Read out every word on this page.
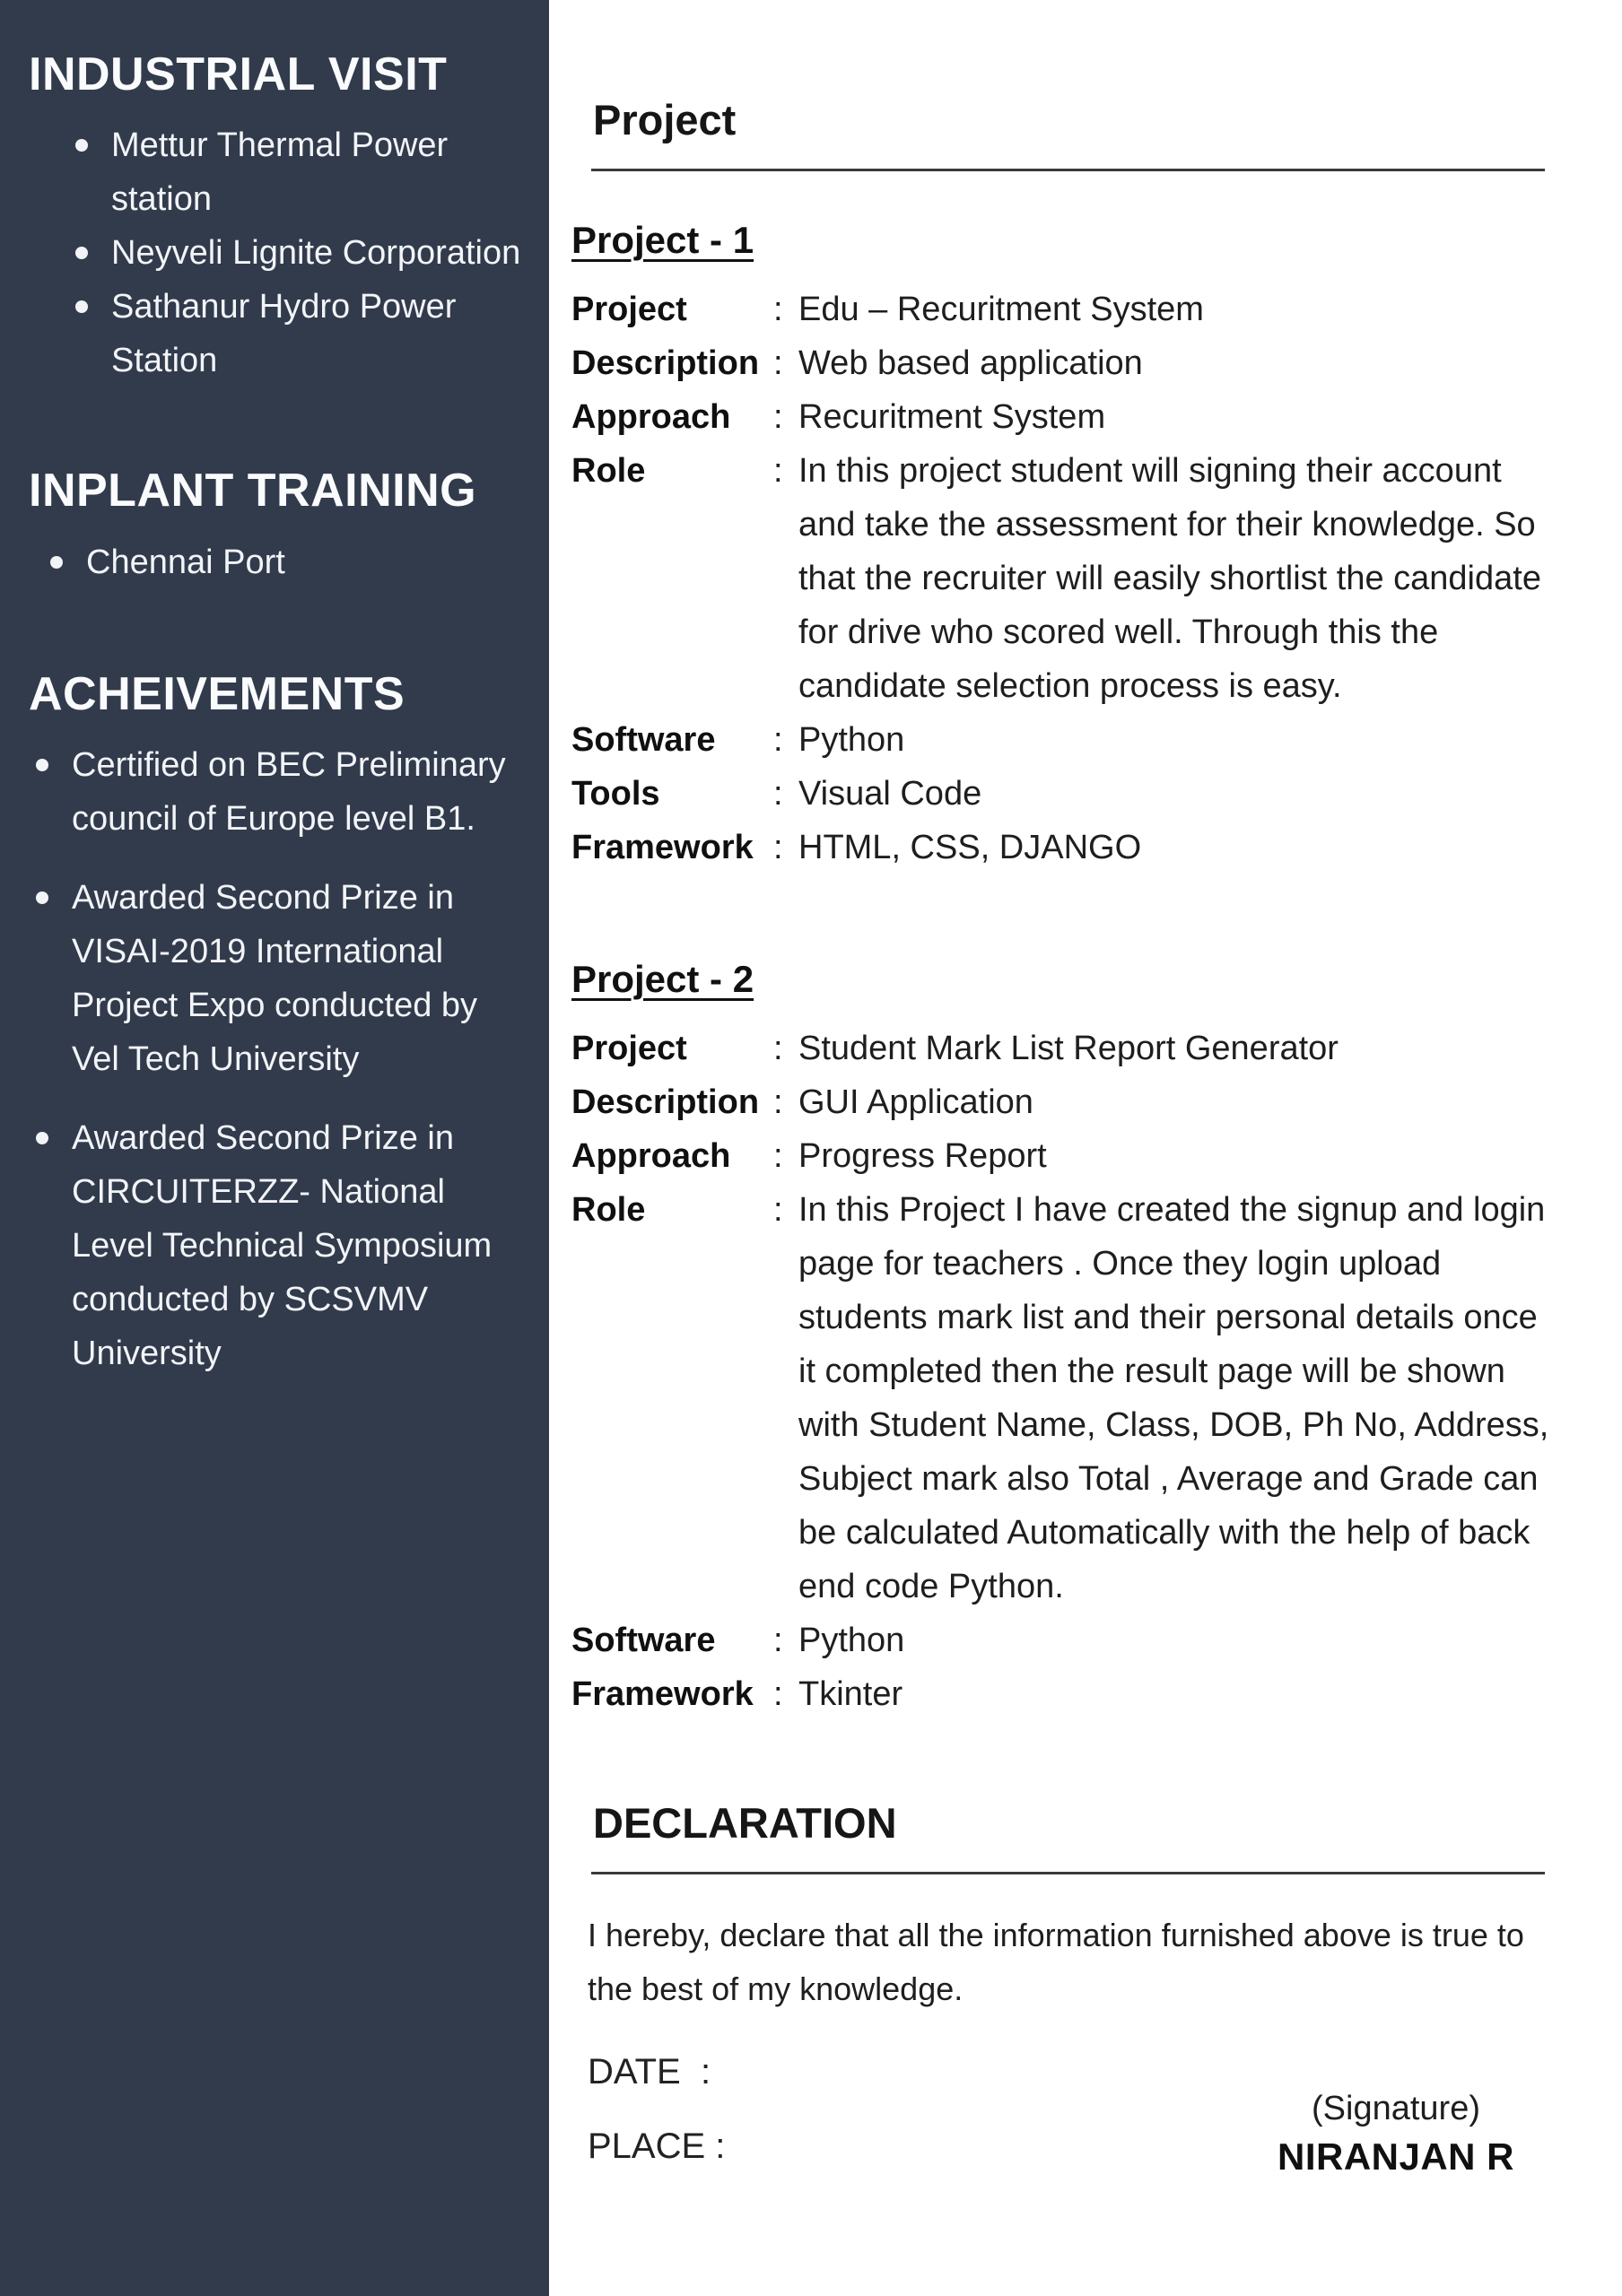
INDUSTRIAL VISIT
Mettur Thermal Power station
Neyveli Lignite Corporation
Sathanur Hydro Power Station
INPLANT TRAINING
Chennai Port
ACHEIVEMENTS
Certified on BEC Preliminary council of Europe level B1.
Awarded Second Prize in VISAI-2019 International Project Expo conducted by Vel Tech University
Awarded Second Prize in CIRCUITERZZ- National Level Technical Symposium conducted by SCSVMV University
Project
Project - 1
Project	: Edu – Recuritment System
Description : Web based application
Approach	: Recuritment System
Role	: In this project student will signing their account and take the assessment for their knowledge. So that the recruiter will easily shortlist the candidate for drive who scored well. Through this the candidate selection process is easy.
Software	: Python
Tools	: Visual Code
Framework : HTML, CSS, DJANGO
Project - 2
Project	: Student Mark List Report Generator
Description : GUI Application
Approach	: Progress Report
Role	: In this Project I have created the signup and login page for teachers . Once they login upload students mark list and their personal details once it completed then the result page will be shown with Student Name, Class, DOB, Ph No, Address, Subject mark also Total , Average and Grade can be calculated Automatically with the help of back end code Python.
Software	: Python
Framework : Tkinter
DECLARATION

I hereby, declare that all the information furnished above is true to the best of my knowledge.

DATE  :
PLACE :
(Signature)
NIRANJAN R
